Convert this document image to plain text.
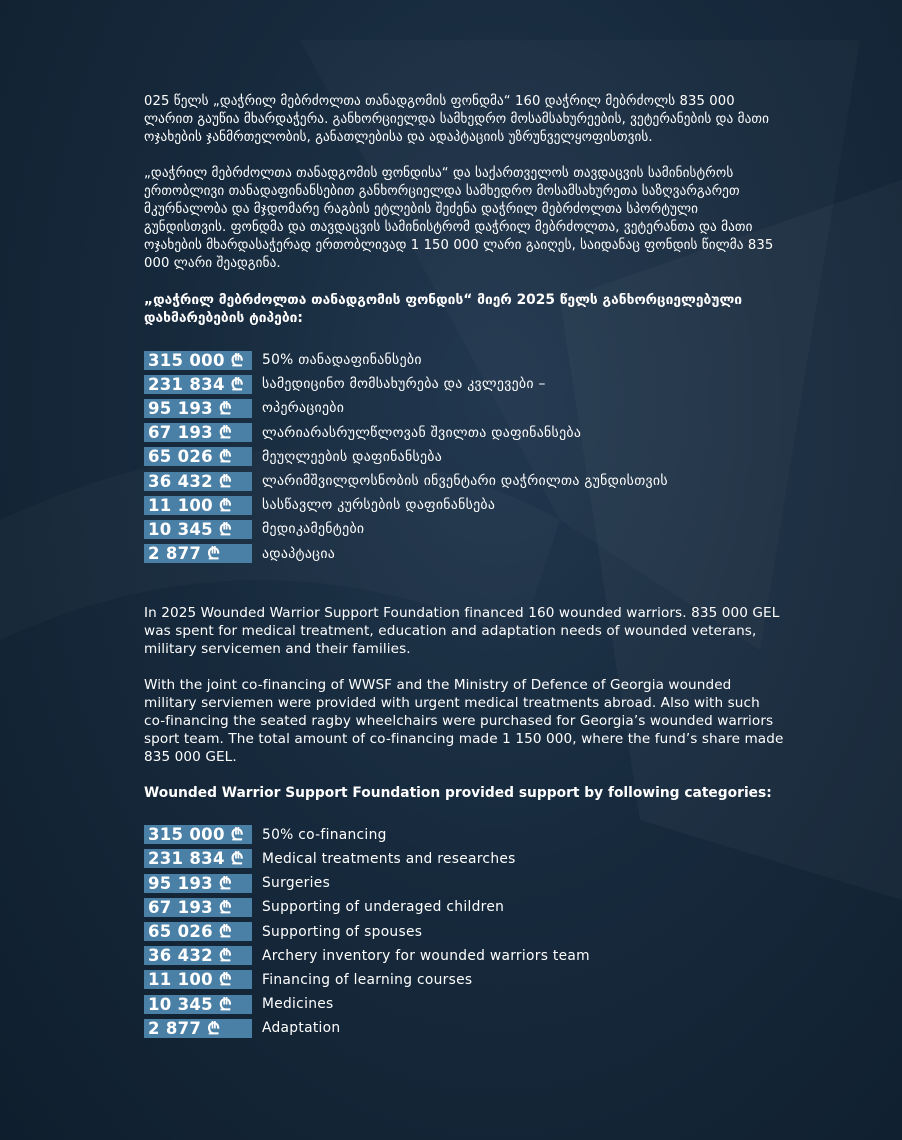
025 წელს „დაჭრილ მებრძოლთა თანადგომის ფონდმა“ 160 დაჭრილ მებრძოლს 835 000 ლარით გაუწია მხარდაჭერა. განხორციელდა სამხედრო მოსამსახურეების, ვეტერანების და მათი ოჯახების ჯანმრთელობის, განათლებისა და ადაპტაციის უზრუნველყოფისთვის.

„დაჭრილ მებრძოლთა თანადგომის ფონდისა“ და საქართველოს თავდაცვის სამინისტროს ერთობლივი თანადაფინანსებით განხორციელდა სამხედრო მოსამსახურეთა საზღვარგარეთ მკურნალობა და მჯდომარე რაგბის ეტლების შეძენა დაჭრილ მებრძოლთა სპორტული გუნდისთვის. ფონდმა და თავდაცვის სამინისტრომ დაჭრილ მებრძოლთა, ვეტერანთა და მათი ოჯახების მხარდასაჭერად ერთობლივად 1 150 000 ლარი გაიღეს, საიდანაც ფონდის წილმა 835 000 ლარი შეადგინა.

„დაჭრილ მებრძოლთა თანადგომის ფონდის“ მიერ 2025 წელს განხორციელებული დახმარებების ტიპები:

315 000 ₾	50% თანადაფინანსები
231 834 ₾	სამედიცინო მომსახურება და კვლევები –
95 193 ₾	ოპერაციები
67 193 ₾	ლარიარასრულწლოვან შვილთა დაფინანსება
65 026 ₾	მეუღლეების დაფინანსება
36 432 ₾	ლარიმშვილდოსნობის ინვენტარი დაჭრილთა გუნდისთვის
11 100 ₾	სასწავლო კურსების დაფინანსება
10 345 ₾	მედიკამენტები
2 877 ₾	ადაპტაცია

In 2025 Wounded Warrior Support Foundation financed 160 wounded warriors. 835 000 GEL was spent for medical treatment, education and adaptation needs of wounded veterans, military servicemen and their families.

With the joint co-financing of WWSF and the Ministry of Defence of Georgia wounded military serviemen were provided with urgent medical treatments abroad. Also with such co-financing the seated ragby wheelchairs were purchased for Georgia’s wounded warriors sport team. The total amount of co-financing made 1 150 000, where the fund’s share made 835 000 GEL.

Wounded Warrior Support Foundation provided support by following categories:

315 000 ₾	50% co-financing
231 834 ₾	Medical treatments and researches
95 193 ₾	Surgeries
67 193 ₾	Supporting of underaged children
65 026 ₾	Supporting of spouses
36 432 ₾	Archery inventory for wounded warriors team
11 100 ₾	Financing of learning courses
10 345 ₾	Medicines
2 877 ₾	Adaptation
